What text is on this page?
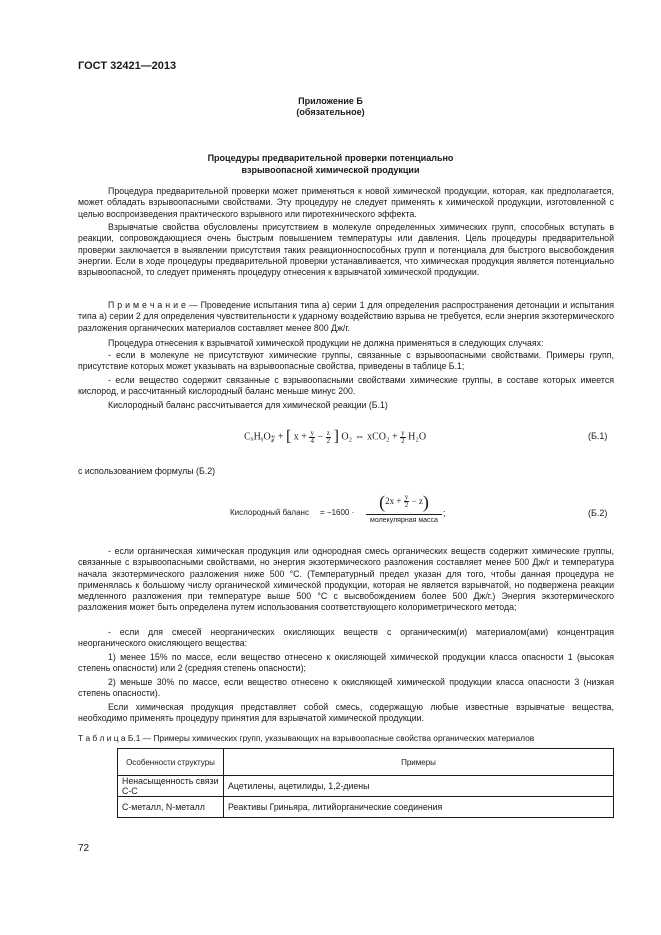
ГОСТ 32421—2013
Приложение Б
(обязательное)
Процедуры предварительной проверки потенциально
взрывоопасной химической продукции
Процедура предварительной проверки может применяться к новой химической продукции, которая, как предполагается, может обладать взрывоопасными свойствами. Эту процедуру не следует применять к химической продукции, изготовленной с целью воспроизведения практического взрывного или пиротехнического эффекта.
Взрывчатые свойства обусловлены присутствием в молекуле определенных химических групп, способных вступать в реакции, сопровождающиеся очень быстрым повышением температуры или давления. Цель процедуры предварительной проверки заключается в выявлении присутствия таких реакционноспособных групп и потенциала для быстрого высвобождения энергии. Если в ходе процедуры предварительной проверки устанавливается, что химическая продукция является потенциально взрывоопасной, то следует применять процедуру отнесения к взрывчатой химической продукции.
П р и м е ч а н и е — Проведение испытания типа а) серии 1 для определения распространения детонации и испытания типа а) серии 2 для определения чувствительности к ударному воздействию взрыва не требуется, если энергия экзотермического разложения органических материалов составляет менее 800 Дж/г.
Процедура отнесения к взрывчатой химической продукции не должна применяться в следующих случаях:
- если в молекуле не присутствуют химические группы, связанные с взрывоопасными свойствами. Примеры групп, присутствие которых может указывать на взрывоопасные свойства, приведены в таблице Б.1;
- если вещество содержит связанные с взрывоопасными свойствами химические группы, в составе которых имеется кислород, и рассчитанный кислородный баланс меньше минус 200.
Кислородный баланс рассчитывается для химической реакции (Б.1)
CₓHᵧO𝓏 + [ $x + \frac{y}{4} - \frac{z}{2}$ ] O₂ ⇔ $xCO_2 + \frac{y}{2} H_2O$	(Б.1)
с использованием формулы (Б.2)
Кислородный баланс = −1600 ·
$(2x + \frac{y}{2} - z)$
молекулярная масса
;	(Б.2)
- если органическая химическая продукция или однородная смесь органических веществ содержит химические группы, связанные с взрывоопасными свойствами, но энергия экзотермического разложения составляет менее 500 Дж/г и температура начала экзотермического разложения ниже 500 °С. (Температурный предел указан для того, чтобы данная процедура не применялась к большому числу органической химической продукции, которая не является взрывчатой, но подвержена реакции медленного разложения при температуре выше 500 °С с высвобождением более 500 Дж/г.) Энергия экзотермического разложения может быть определена путем использования соответствующего колориметрического метода;
- если для смесей неорганических окисляющих веществ с органическим(и) материалом(ами) концентрация неорганического окисляющего вещества:
1) менее 15% по массе, если вещество отнесено к окисляющей химической продукции класса опасности 1 (высокая степень опасности) или 2 (средняя степень опасности);
2) меньше 30% по массе, если вещество отнесено к окисляющей химической продукции класса опасности 3 (низкая степень опасности).
Если химическая продукция представляет собой смесь, содержащую любые известные взрывчатые вещества, необходимо применять процедуру принятия для взрывчатой химической продукции.
Т а б л и ц а Б.1 — Примеры химических групп, указывающих на взрывоопасные свойства органических материалов
Особенности структуры	Примеры
Ненасыщенность связи С-С	Ацетилены, ацетилиды, 1,2-диены
С-металл, N-металл	Реактивы Гриньяра, литийорганические соединения
72
